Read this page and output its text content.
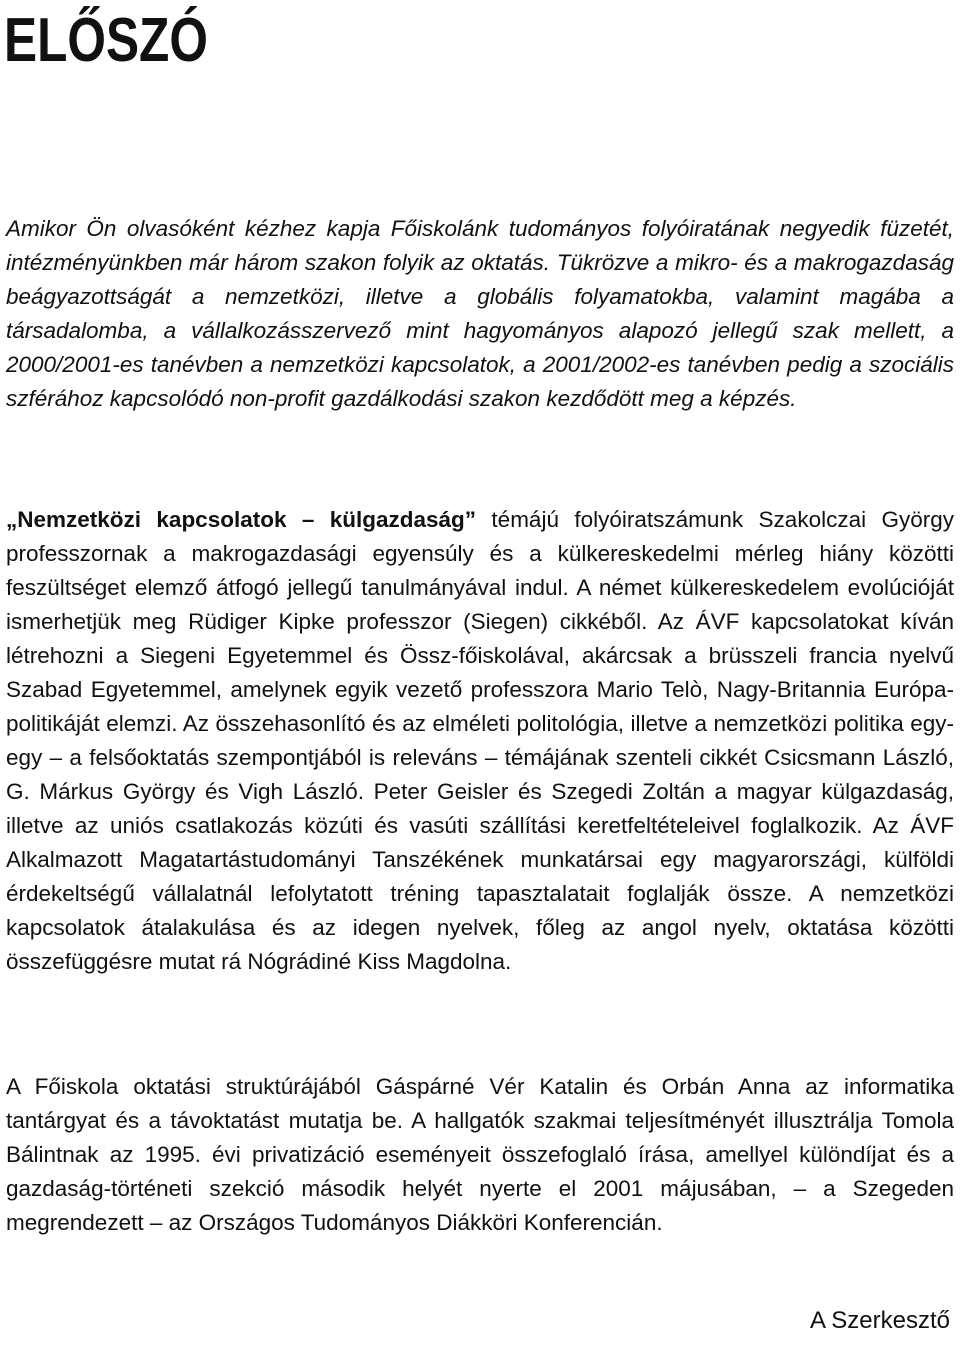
ELŐSZÓ

Amikor Ön olvasóként kézhez kapja Főiskolánk tudományos folyóiratának negyedik füzetét, intézményünkben már három szakon folyik az oktatás. Tükrözve a mikro- és a makrogazdaság beágyazottságát a nemzetközi, illetve a globális folyamatokba, valamint magába a társadalomba, a vállalkozásszervező mint hagyományos alapozó jellegű szak mellett, a 2000/2001-es tanévben a nemzetközi kapcsolatok, a 2001/2002-es tanévben pedig a szociális szférához kapcsolódó non-profit gazdálkodási szakon kezdődött meg a képzés.

„Nemzetközi kapcsolatok – külgazdaság” témájú folyóiratszámunk Szakolczai György professzornak a makrogazdasági egyensúly és a külkereskedelmi mérleg hiány közötti feszültséget elemző átfogó jellegű tanulmányával indul. A német külkereskedelem evolúcióját ismerhetjük meg Rüdiger Kipke professzor (Siegen) cikkéből. Az ÁVF kapcsolatokat kíván létrehozni a Siegeni Egyetemmel és Össz-főiskolával, akárcsak a brüsszeli francia nyelvű Szabad Egyetemmel, amelynek egyik vezető professzora Mario Telò, Nagy-Britannia Európa-politikáját elemzi. Az összehasonlító és az elméleti politológia, illetve a nemzetközi politika egy-egy – a felsőoktatás szempontjából is releváns – témájának szenteli cikkét Csicsmann László, G. Márkus György és Vigh László. Peter Geisler és Szegedi Zoltán a magyar külgazdaság, illetve az uniós csatlakozás közúti és vasúti szállítási keretfeltételeivel foglalkozik. Az ÁVF Alkalmazott Magatartástudományi Tanszékének munkatársai egy magyarországi, külföldi érdekeltségű vállalatnál lefolytatott tréning tapasztalatait foglalják össze. A nemzetközi kapcsolatok átalakulása és az idegen nyelvek, főleg az angol nyelv, oktatása közötti összefüggésre mutat rá Nógrádiné Kiss Magdolna.

A Főiskola oktatási struktúrájából Gáspárné Vér Katalin és Orbán Anna az informatika tantárgyat és a távoktatást mutatja be. A hallgatók szakmai teljesítményét illusztrálja Tomola Bálintnak az 1995. évi privatizáció eseményeit összefoglaló írása, amellyel különdíjat és a gazdaság-történeti szekció második helyét nyerte el 2001 májusában, – a Szegeden megrendezett – az Országos Tudományos Diákköri Konferencián.

A Szerkesztő
